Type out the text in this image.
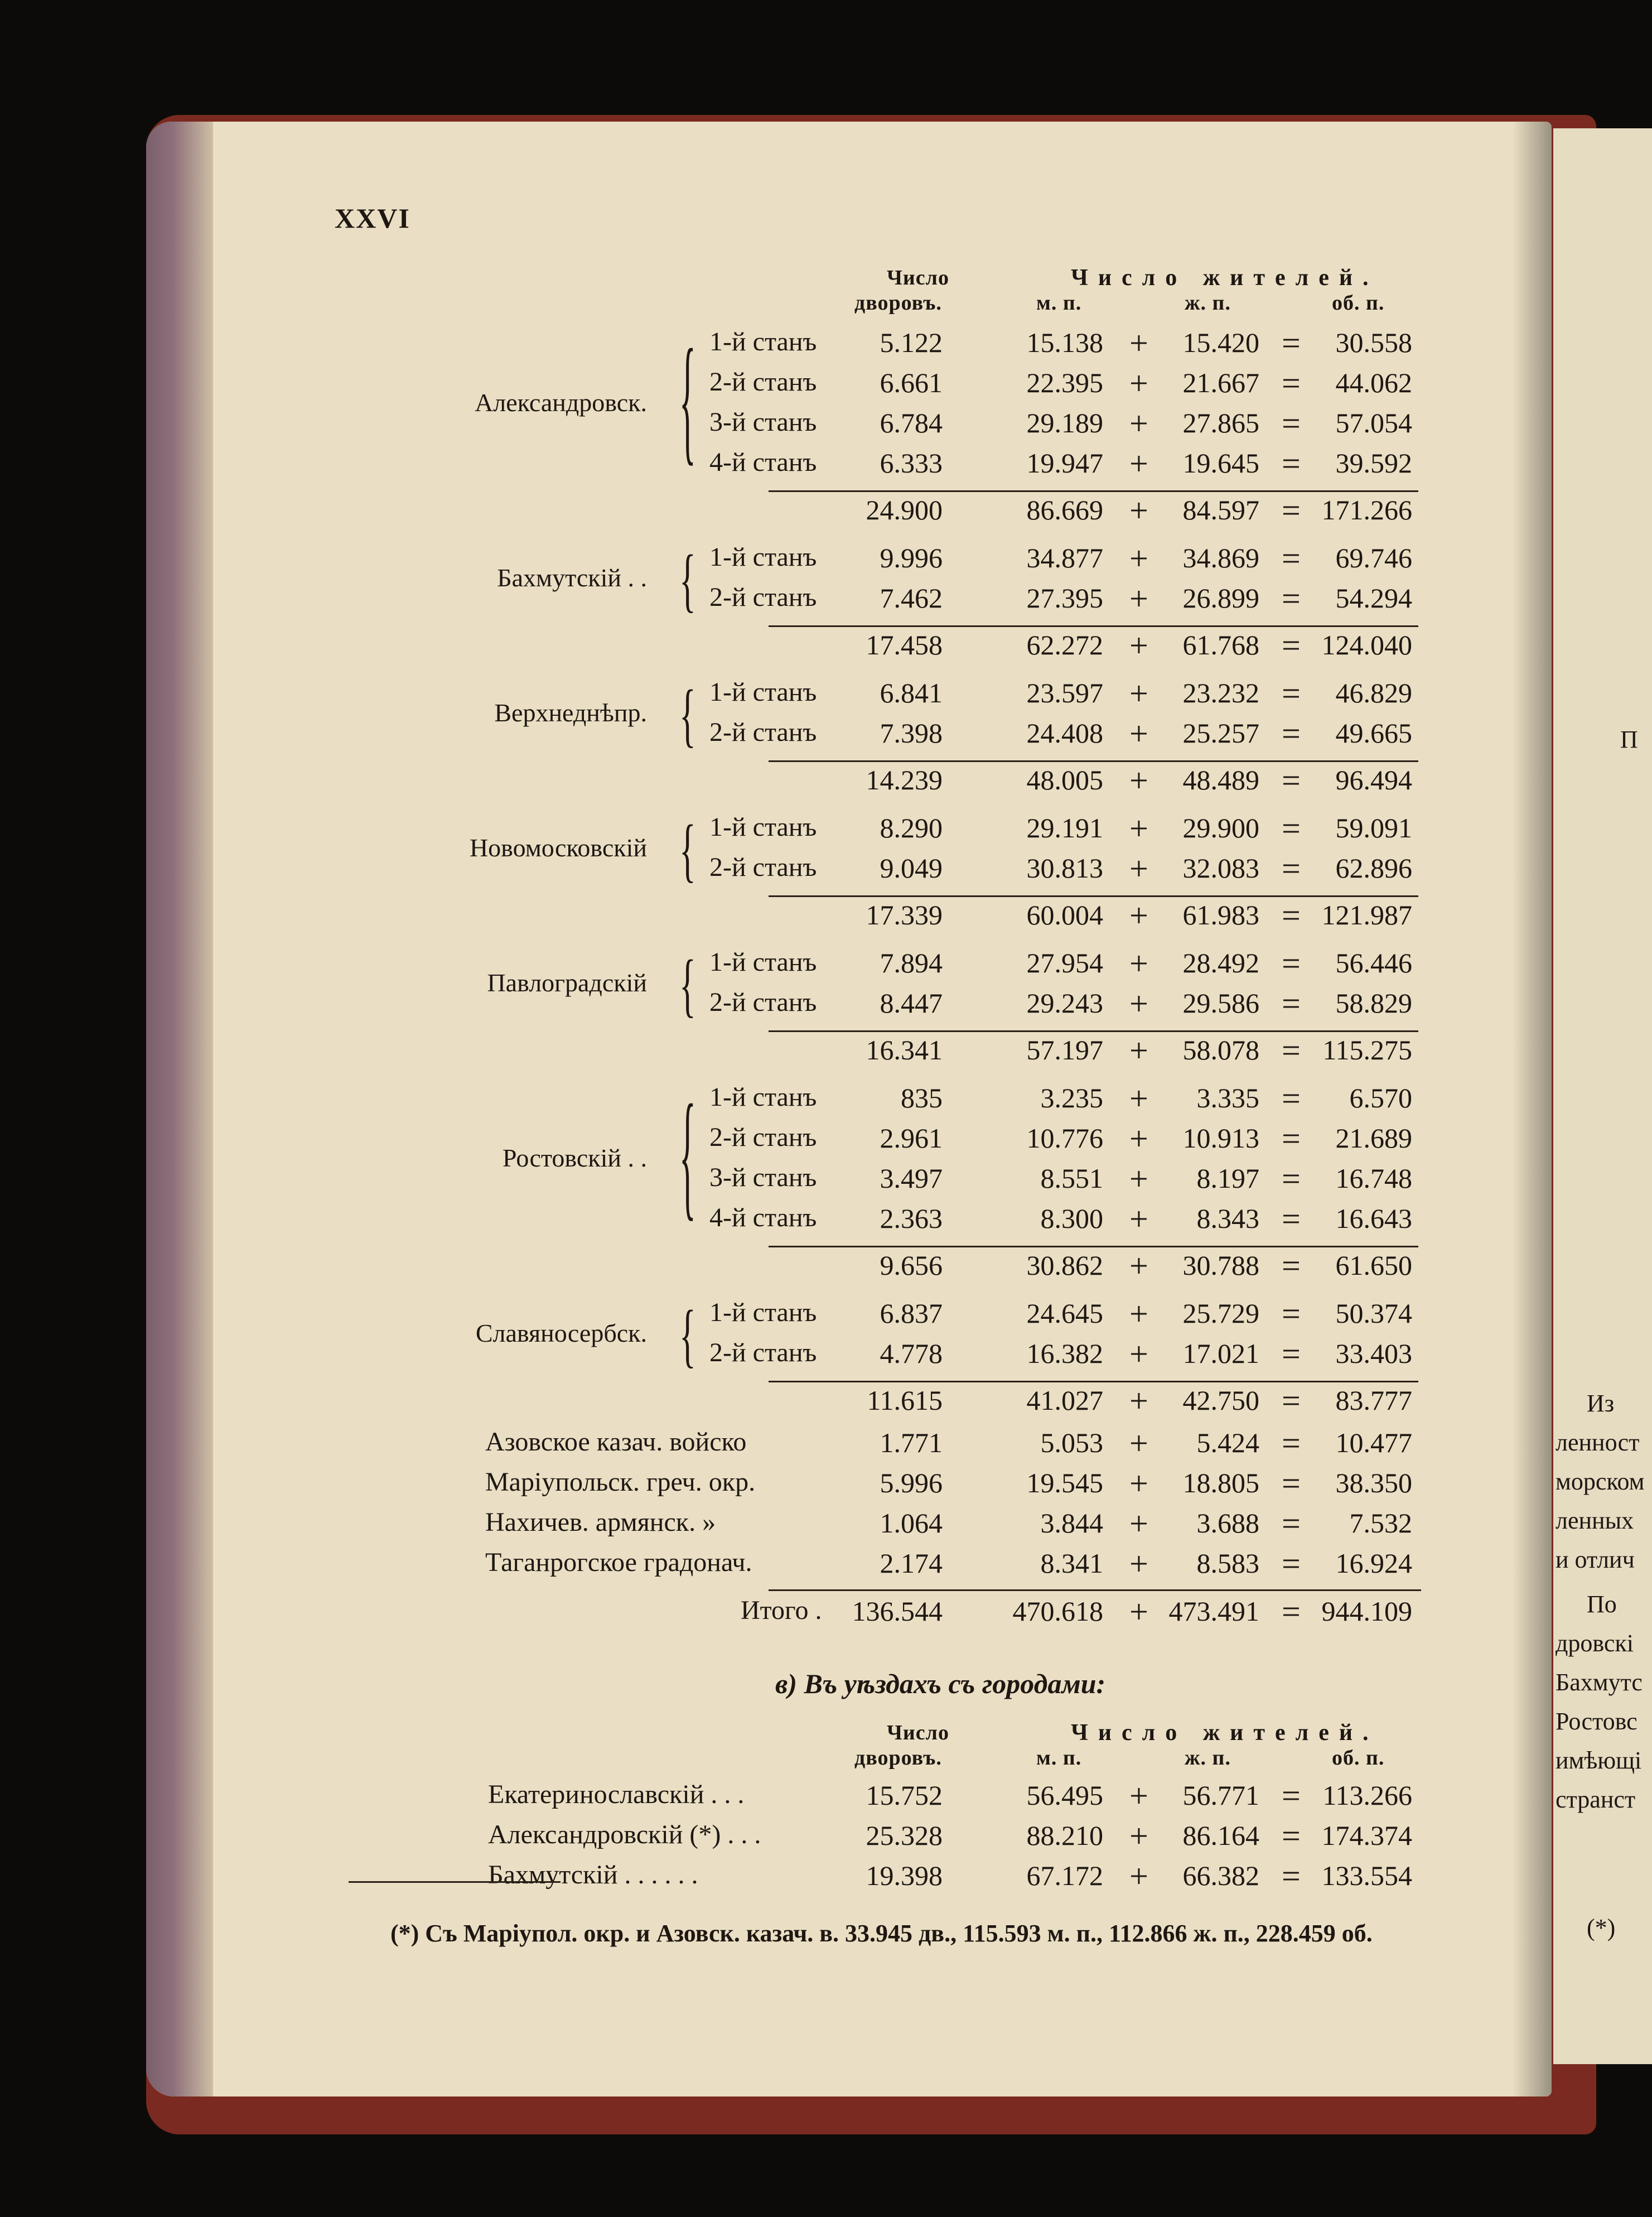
П
Из
ленност
морском
ленных
и отлич
По
дровскі
Бахмутс
Ростовс
имѣющі
странст
(*)
XXVI
Число
дворовъ.
Число жителей.
м. п.	ж. п.	об. п.
1-й станъ 5.122	15.138 + 15.420 = 30.558
2-й станъ 6.661	22.395 + 21.667 = 44.062
3-й станъ 6.784	29.189 + 27.865 = 57.054
4-й станъ 6.333	19.947 + 19.645 = 39.592
Александровск. {
24.900	86.669 + 84.597 = 171.266
1-й станъ 9.996	34.877 + 34.869 = 69.746
2-й станъ 7.462	27.395 + 26.899 = 54.294
Бахмутскій . . {
17.458	62.272 + 61.768 = 124.040
1-й станъ 6.841	23.597 + 23.232 = 46.829
2-й станъ 7.398	24.408 + 25.257 = 49.665
Верхнеднѣпр. {
14.239	48.005 + 48.489 = 96.494
1-й станъ 8.290	29.191 + 29.900 = 59.091
2-й станъ 9.049	30.813 + 32.083 = 62.896
Новомосковскій {
17.339	60.004 + 61.983 = 121.987
1-й станъ 7.894	27.954 + 28.492 = 56.446
2-й станъ 8.447	29.243 + 29.586 = 58.829
Павлоградскій {
16.341	57.197 + 58.078 = 115.275
1-й станъ	835	3.235 + 3.335 = 6.570
2-й станъ 2.961	10.776 + 10.913 = 21.689
3-й станъ 3.497	8.551 + 8.197 = 16.748
4-й станъ 2.363	8.300 + 8.343 = 16.643
Ростовскій . . {
9.656	30.862 + 30.788 = 61.650
1-й станъ 6.837	24.645 + 25.729 = 50.374
2-й станъ 4.778	16.382 + 17.021 = 33.403
Славяносербск. {
11.615	41.027 + 42.750 = 83.777
Азовское казач. войско	1.771	5.053 + 5.424 = 10.477
Маріупольск. греч. окр.	5.996	19.545 + 18.805 = 38.350
Нахичев. армянск. »	1.064	3.844 + 3.688 = 7.532
Таганрогское градонач.	2.174	8.341 + 8.583 = 16.924
Итого . 136.544	470.618 + 473.491 = 944.109
в) Въ уѣздахъ съ городами:
Число
дворовъ.
Число жителей.
м. п.	ж. п.	об. п.
Екатеринославскій . . .	15.752	56.495 + 56.771 = 113.266
Александровскій (*) . . .	25.328	88.210 + 86.164 = 174.374
Бахмутскій . . . . . .	19.398	67.172 + 66.382 = 133.554
(*) Съ Маріупол. окр. и Азовск. казач. в. 33.945 дв., 115.593 м. п., 112.866 ж. п., 228.459 об.
